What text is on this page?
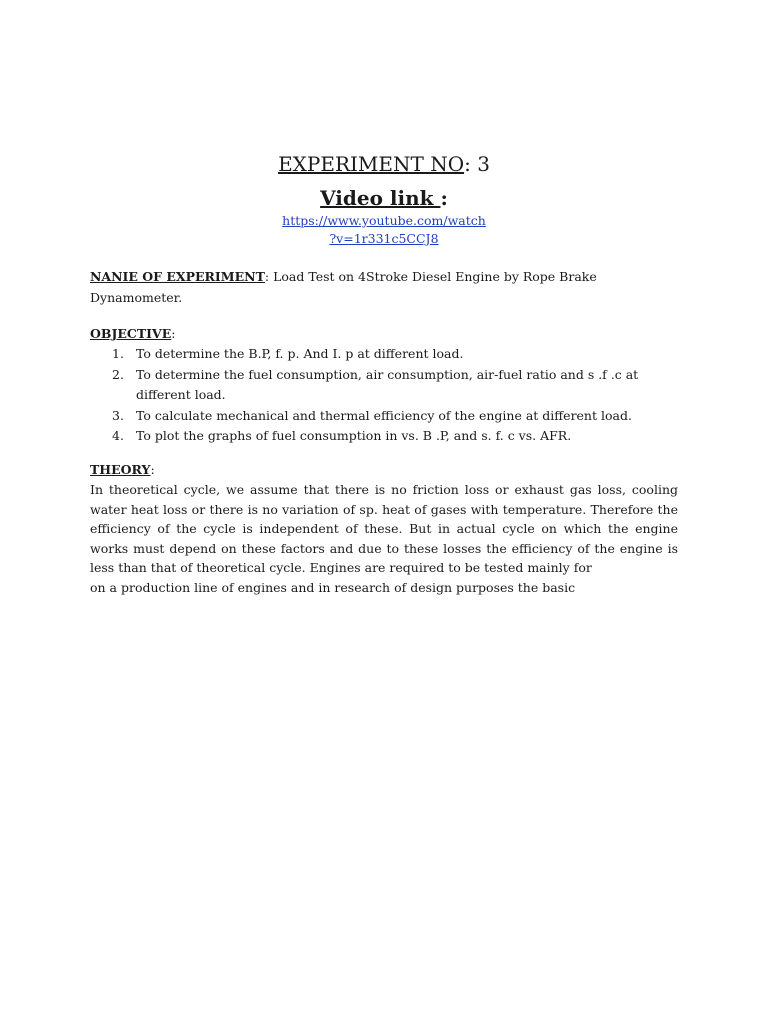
EXPERIMENT NO: 3
Video link :
https://www.youtube.com/watch
?v=1r331c5CCJ8
NANIE OF EXPERIMENT: Load Test on 4Stroke Diesel Engine by Rope Brake Dynamometer.
OBJECTIVE:
1. To determine the B.P, f. p. And I. p at different load.
2. To determine the fuel consumption, air consumption, air-fuel ratio and s .f .c at different load.
3. To calculate mechanical and thermal efficiency of the engine at different load.
4. To plot the graphs of fuel consumption in vs. B .P, and s. f. c vs. AFR.
THEORY:
In theoretical cycle, we assume that there is no friction loss or exhaust gas loss, cooling water heat loss or there is no variation of sp. heat of gases with temperature. Therefore the efficiency of the cycle is independent of these. But in actual cycle on which the engine works must depend on these factors and due to these losses the efficiency of the engine is less than that of theoretical cycle. Engines are required to be tested mainly for
on a production line of engines and in research of design purposes the basic
